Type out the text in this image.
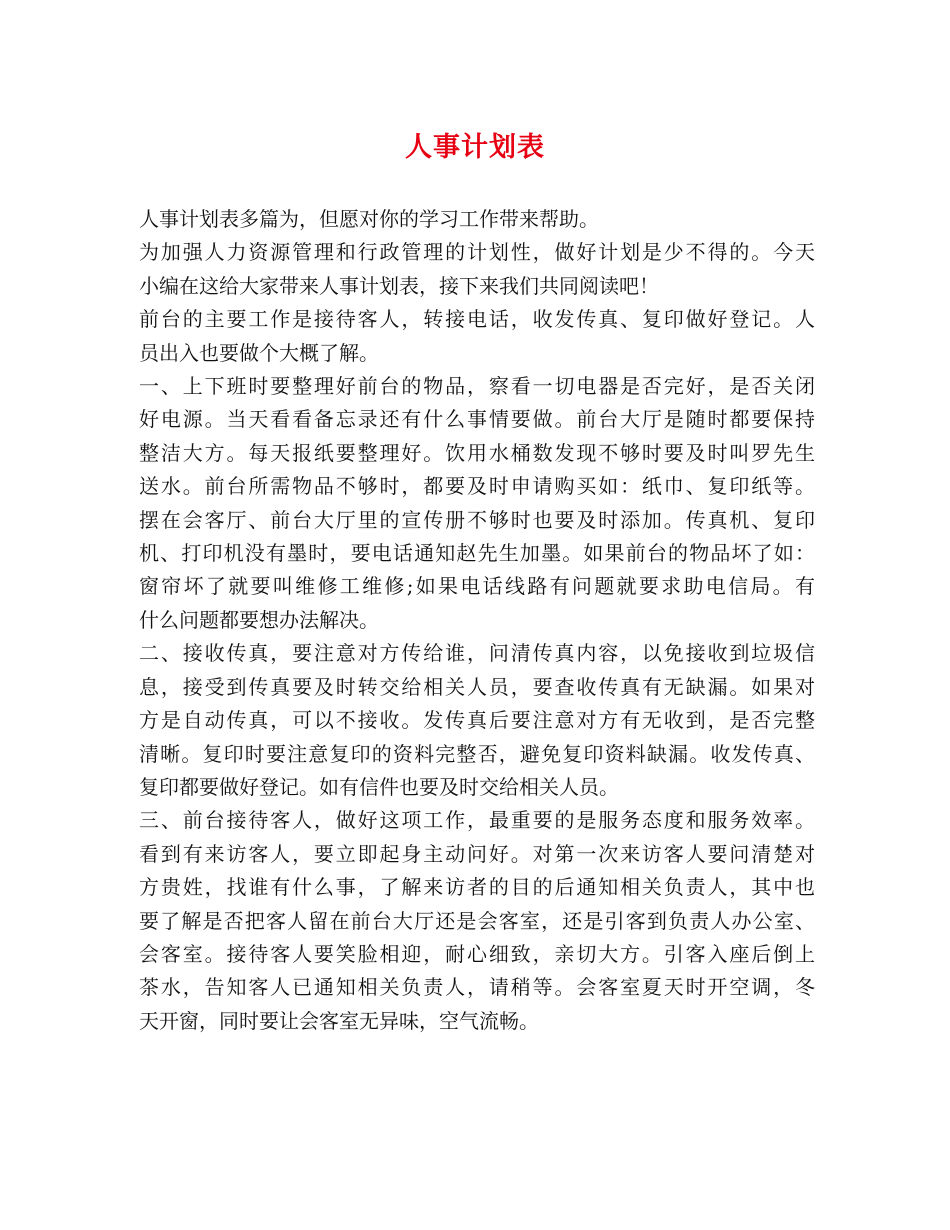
人事计划表
人事计划表多篇为，但愿对你的学习工作带来帮助。
为加强人力资源管理和行政管理的计划性，做好计划是少不得的。今天
小编在这给大家带来人事计划表，接下来我们共同阅读吧！
前台的主要工作是接待客人，转接电话，收发传真、复印做好登记。人
员出入也要做个大概了解。
一、上下班时要整理好前台的物品，察看一切电器是否完好，是否关闭
好电源。当天看看备忘录还有什么事情要做。前台大厅是随时都要保持
整洁大方。每天报纸要整理好。饮用水桶数发现不够时要及时叫罗先生
送水。前台所需物品不够时，都要及时申请购买如：纸巾、复印纸等。
摆在会客厅、前台大厅里的宣传册不够时也要及时添加。传真机、复印
机、打印机没有墨时，要电话通知赵先生加墨。如果前台的物品坏了如：
窗帘坏了就要叫维修工维修;如果电话线路有问题就要求助电信局。有
什么问题都要想办法解决。
二、接收传真，要注意对方传给谁，问清传真内容，以免接收到垃圾信
息，接受到传真要及时转交给相关人员，要查收传真有无缺漏。如果对
方是自动传真，可以不接收。发传真后要注意对方有无收到，是否完整
清晰。复印时要注意复印的资料完整否，避免复印资料缺漏。收发传真、
复印都要做好登记。如有信件也要及时交给相关人员。
三、前台接待客人，做好这项工作，最重要的是服务态度和服务效率。
看到有来访客人，要立即起身主动问好。对第一次来访客人要问清楚对
方贵姓，找谁有什么事，了解来访者的目的后通知相关负责人，其中也
要了解是否把客人留在前台大厅还是会客室，还是引客到负责人办公室、
会客室。接待客人要笑脸相迎，耐心细致，亲切大方。引客入座后倒上
茶水，告知客人已通知相关负责人，请稍等。会客室夏天时开空调，冬
天开窗，同时要让会客室无异味，空气流畅。
